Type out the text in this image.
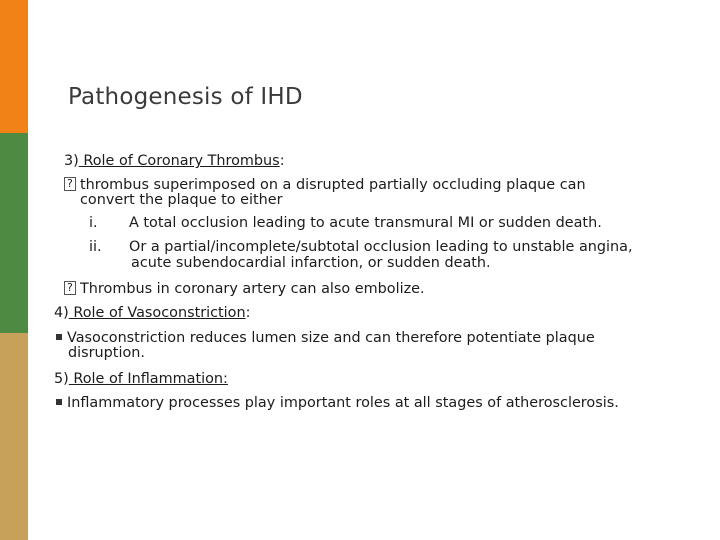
Pathogenesis of IHD
3) Role of Coronary Thrombus:
?thrombus superimposed on a disrupted partially occluding plaque can
convert the plaque to either
i. A total occlusion leading to acute transmural MI or sudden death.
ii. Or a partial/incomplete/subtotal occlusion leading to unstable angina,
acute subendocardial infarction, or sudden death.
?Thrombus in coronary artery can also embolize.
4) Role of Vasoconstriction:
Vasoconstriction reduces lumen size and can therefore potentiate plaque
disruption.
5) Role of Inflammation:
Inflammatory processes play important roles at all stages of atherosclerosis.
